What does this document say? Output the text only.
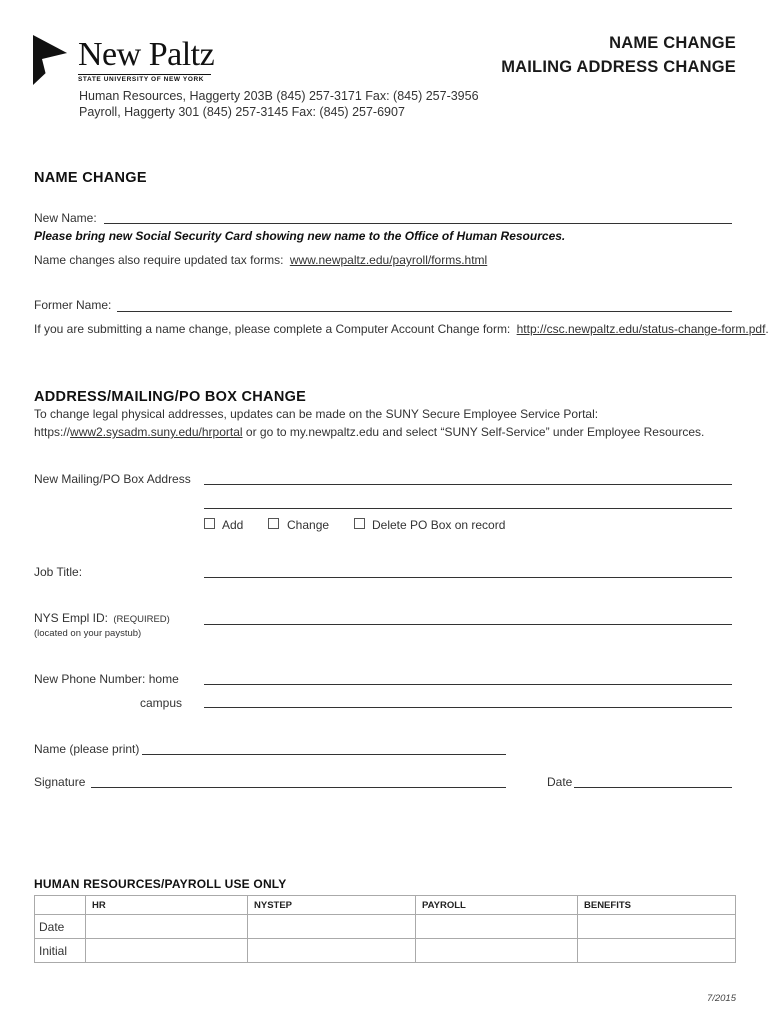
New Paltz
STATE UNIVERSITY OF NEW YORK
Human Resources, Haggerty 203B (845) 257-3171 Fax: (845) 257-3956
Payroll, Haggerty 301 (845) 257-3145 Fax: (845) 257-6907
NAME CHANGE
MAILING ADDRESS CHANGE
NAME CHANGE
New Name:
Please bring new Social Security Card showing new name to the Office of Human Resources.
Name changes also require updated tax forms: www.newpaltz.edu/payroll/forms.html
Former Name:
If you are submitting a name change, please complete a Computer Account Change form: http://csc.newpaltz.edu/status-change-form.pdf.
ADDRESS/MAILING/PO BOX CHANGE
To change legal physical addresses, updates can be made on the SUNY Secure Employee Service Portal:
https://www2.sysadm.suny.edu/hrportal or go to my.newpaltz.edu and select “SUNY Self-Service” under Employee Resources.
New Mailing/PO Box Address
Add	Change	Delete PO Box on record
Job Title:
NYS Empl ID: (REQUIRED)
(located on your paystub)
New Phone Number: home
campus
Name (please print)
Signature	Date
HUMAN RESOURCES/PAYROLL USE ONLY
	HR	NYSTEP	PAYROLL	BENEFITS
Date				
Initial				
7/2015
